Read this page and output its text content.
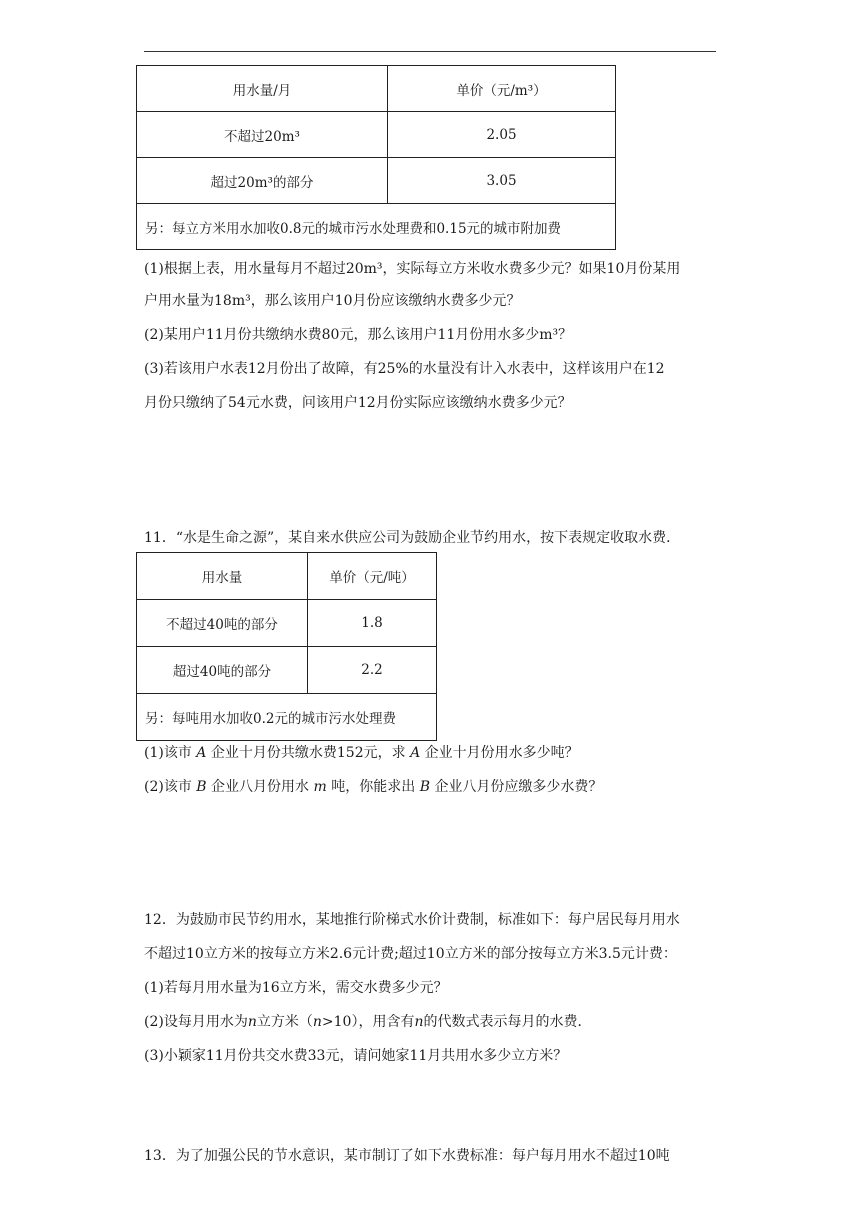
用水量/月	单价（元/m³）
不超过20m³	2.05
超过20m³的部分	3.05
另：每立方米用水加收0.8元的城市污水处理费和0.15元的城市附加费	
(1)根据上表，用水量每月不超过20m³，实际每立方米收水费多少元？如果10月份某用
户用水量为18m³，那么该用户10月份应该缴纳水费多少元？
(2)某用户11月份共缴纳水费80元，那么该用户11月份用水多少m³？
(3)若该用户水表12月份出了故障，有25%的水量没有计入水表中，这样该用户在12
月份只缴纳了54元水费，问该用户12月份实际应该缴纳水费多少元？
11．“水是生命之源”，某自来水供应公司为鼓励企业节约用水，按下表规定收取水费．
用水量	单价（元/吨）
不超过40吨的部分	1.8
超过40吨的部分	2.2
另：每吨用水加收0.2元的城市污水处理费	
(1)该市 A 企业十月份共缴水费152元，求 A 企业十月份用水多少吨？
(2)该市 B 企业八月份用水 m 吨，你能求出 B 企业八月份应缴多少水费？
12．为鼓励市民节约用水，某地推行阶梯式水价计费制，标准如下：每户居民每月用水
不超过10立方米的按每立方米2.6元计费;超过10立方米的部分按每立方米3.5元计费：
(1)若每月用水量为16立方米，需交水费多少元？
(2)设每月用水为n立方米（n>10），用含有n的代数式表示每月的水费．
(3)小颖家11月份共交水费33元，请问她家11月共用水多少立方米？
13．为了加强公民的节水意识，某市制订了如下水费标准：每户每月用水不超过10吨
